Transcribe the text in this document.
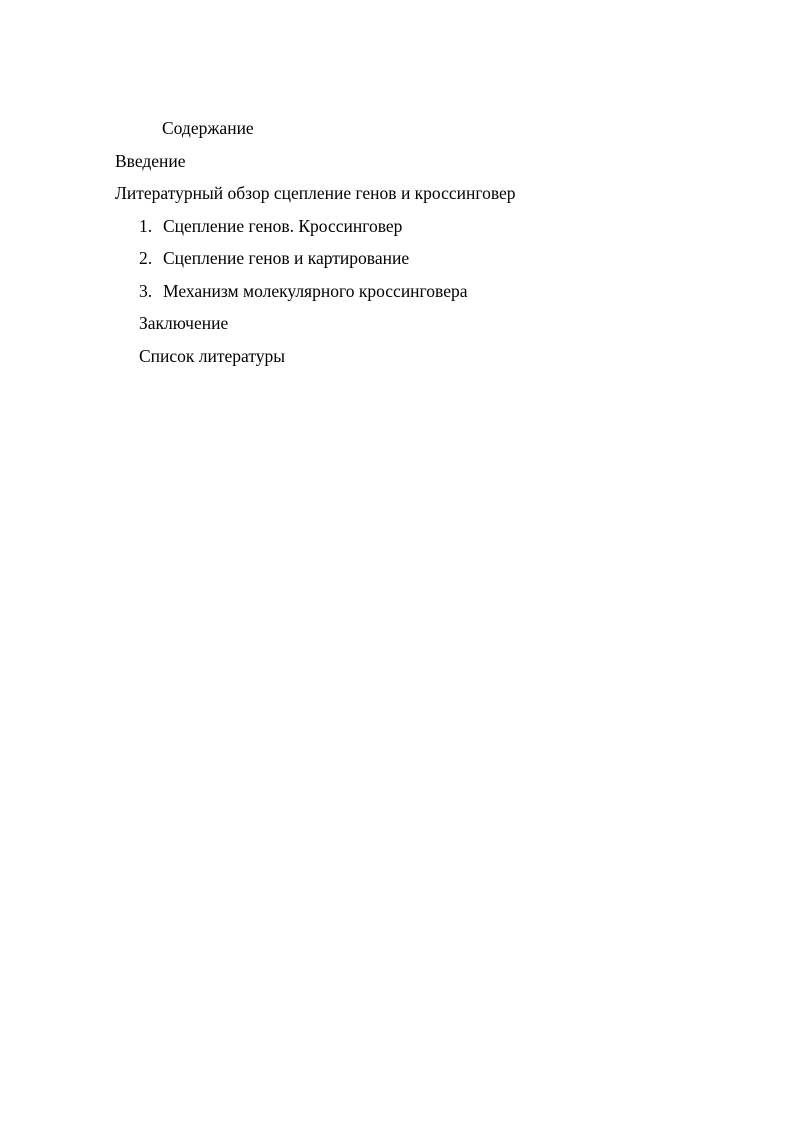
Содержание
Введение
Литературный обзор сцепление генов и кроссинговер
1. Сцепление генов. Кроссинговер
2. Сцепление генов и картирование
3. Механизм молекулярного кроссинговера
Заключение
Список литературы
